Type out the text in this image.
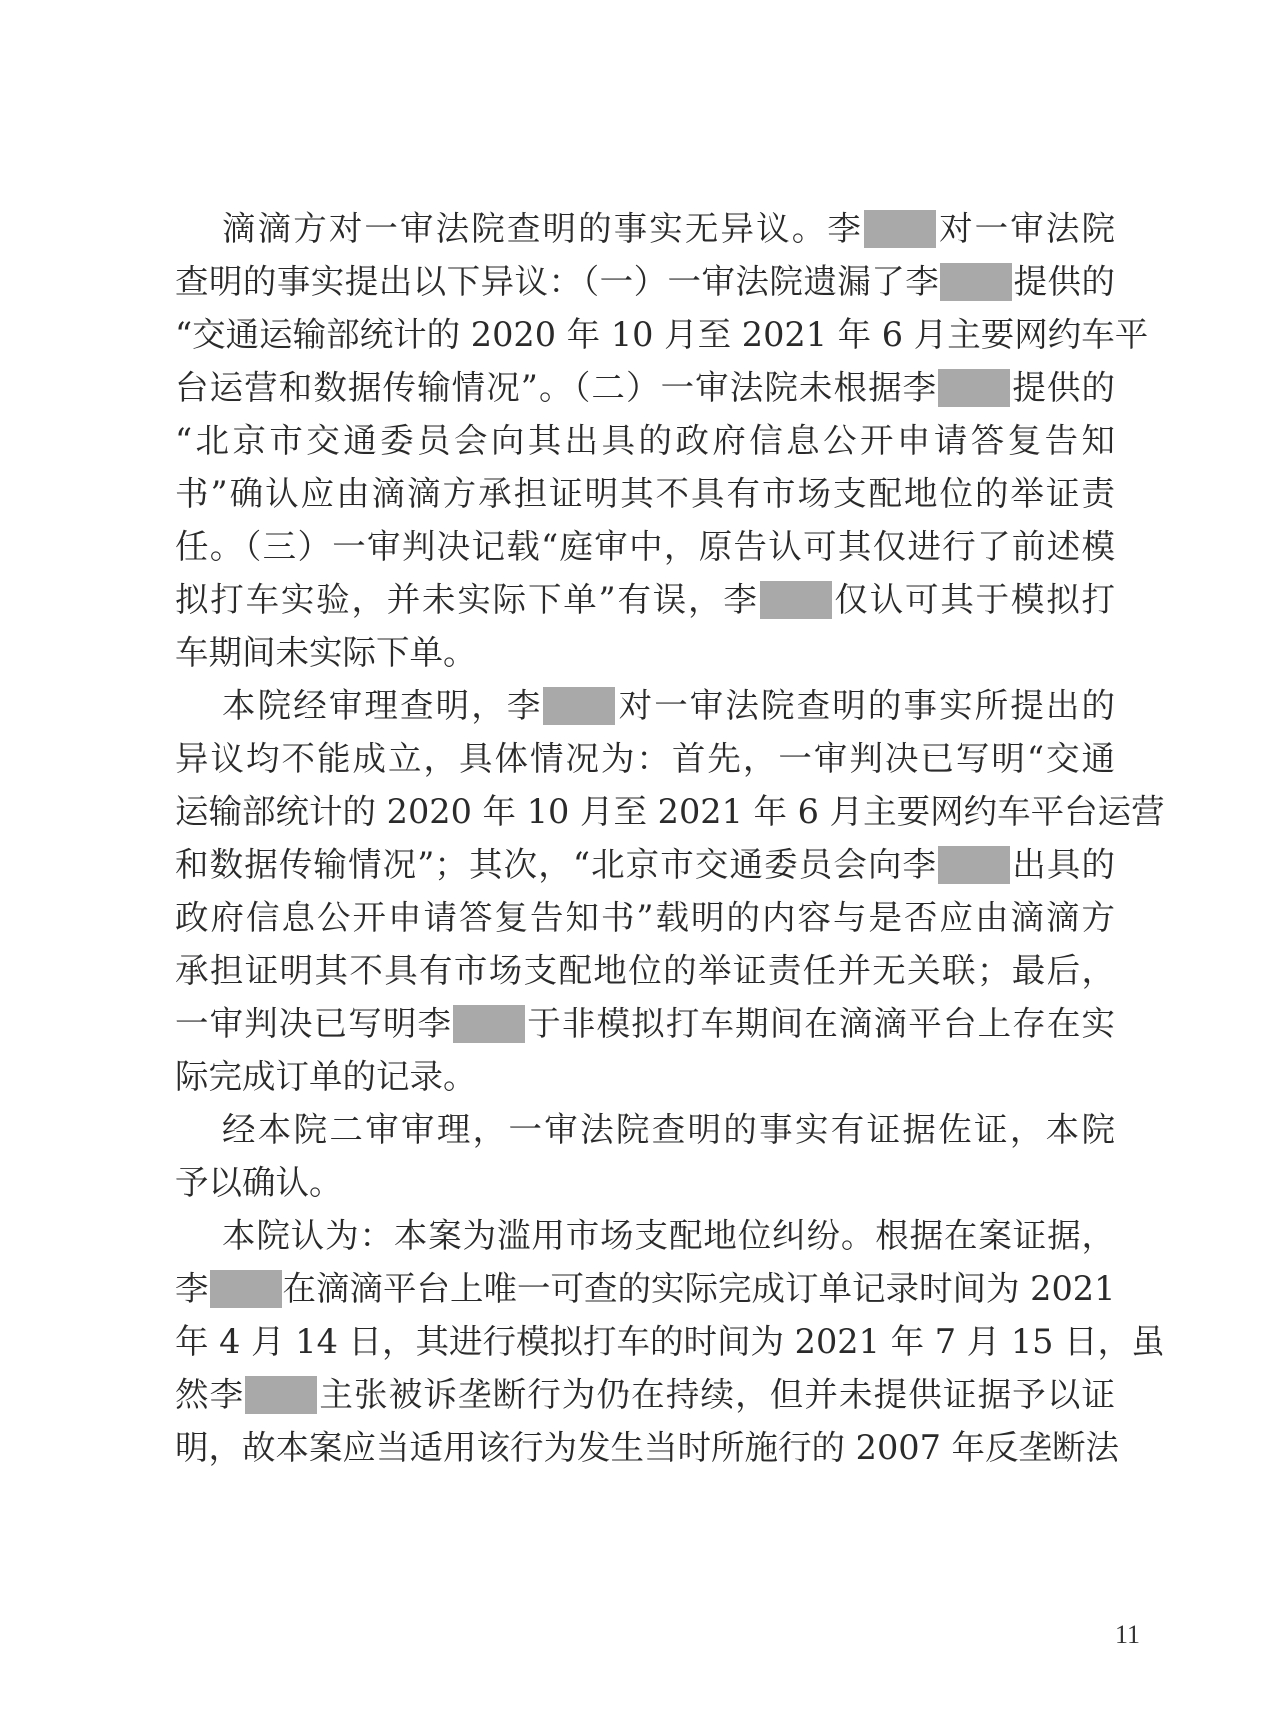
滴滴方对一审法院查明的事实无异议。李 对一审法院
查明的事实提出以下异议：（一）一审法院遗漏了李 提供的
“交通运输部统计的 2020 年 10 月至 2021 年 6 月主要网约车平
台运营和数据传输情况”。（二）一审法院未根据李 提供的
“北京市交通委员会向其出具的政府信息公开申请答复告知
书”确认应由滴滴方承担证明其不具有市场支配地位的举证责
任。（三）一审判决记载“庭审中，原告认可其仅进行了前述模
拟打车实验，并未实际下单”有误，李 仅认可其于模拟打
车期间未实际下单。
本院经审理查明，李 对一审法院查明的事实所提出的
异议均不能成立，具体情况为：首先，一审判决已写明“交通
运输部统计的 2020 年 10 月至 2021 年 6 月主要网约车平台运营
和数据传输情况”；其次，“北京市交通委员会向李 出具的
政府信息公开申请答复告知书”载明的内容与是否应由滴滴方
承担证明其不具有市场支配地位的举证责任并无关联；最后，
一审判决已写明李 于非模拟打车期间在滴滴平台上存在实
际完成订单的记录。
经本院二审审理，一审法院查明的事实有证据佐证，本院
予以确认。
本院认为：本案为滥用市场支配地位纠纷。根据在案证据，
李 在滴滴平台上唯一可查的实际完成订单记录时间为 2021
年 4 月 14 日，其进行模拟打车的时间为 2021 年 7 月 15 日，虽
然李 主张被诉垄断行为仍在持续，但并未提供证据予以证
明，故本案应当适用该行为发生当时所施行的 2007 年反垄断法
11
